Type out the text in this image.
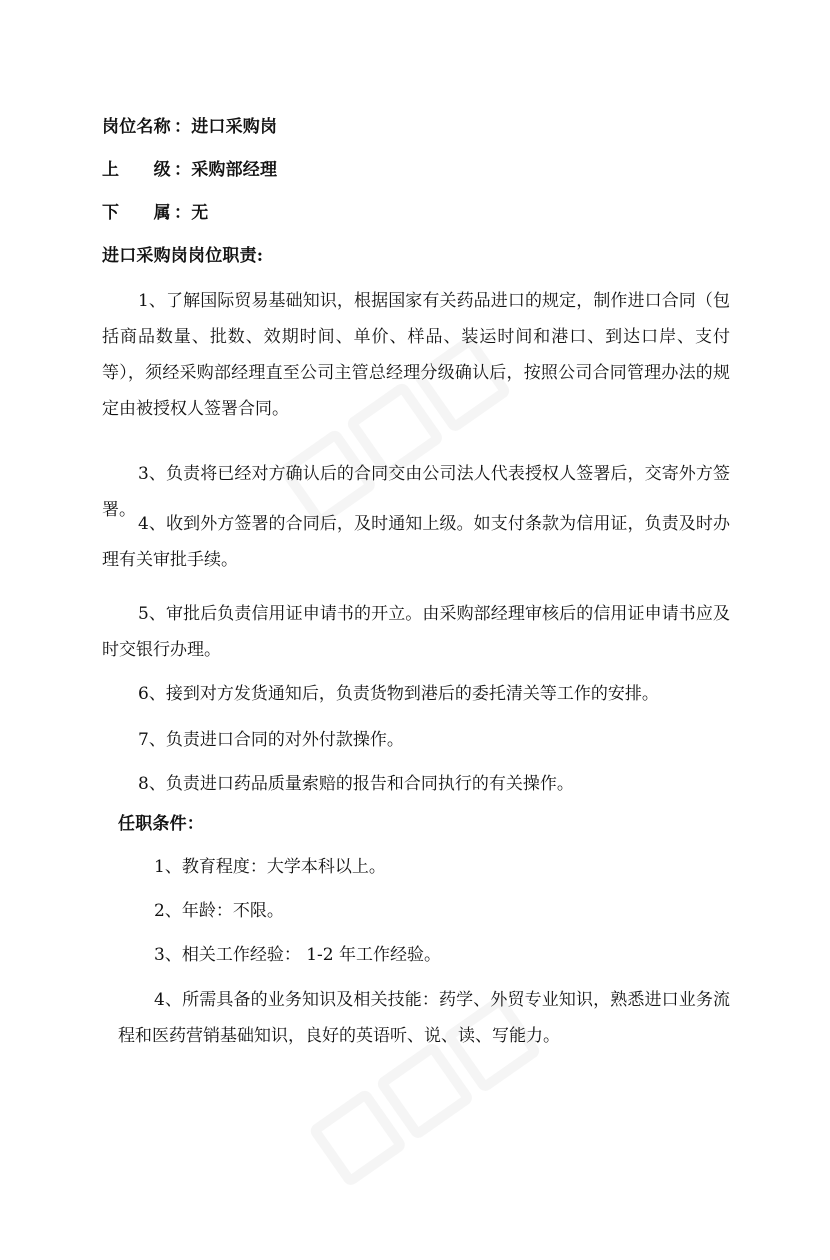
岗位名称 ：进口采购岗
上　　级 ：采购部经理
下　　属 ：无
进口采购岗岗位职责:
1、了解国际贸易基础知识，根据国家有关药品进口的规定，制作进口合同（包括商品数量、批数、效期时间、单价、样品、装运时间和港口、到达口岸、支付等），须经采购部经理直至公司主管总经理分级确认后，按照公司合同管理办法的规定由被授权人签署合同。
3、负责将已经对方确认后的合同交由公司法人代表授权人签署后，交寄外方签署。
4、收到外方签署的合同后，及时通知上级。如支付条款为信用证，负责及时办理有关审批手续。
5、审批后负责信用证申请书的开立。由采购部经理审核后的信用证申请书应及时交银行办理。
6、接到对方发货通知后，负责货物到港后的委托清关等工作的安排。
7、负责进口合同的对外付款操作。
8、负责进口药品质量索赔的报告和合同执行的有关操作。
任职条件：
1、教育程度：大学本科以上。
2、年龄：不限。
3、相关工作经验： 1-2 年工作经验。
4、所需具备的业务知识及相关技能：药学、外贸专业知识，熟悉进口业务流程和医药营销基础知识，良好的英语听、说、读、写能力。
